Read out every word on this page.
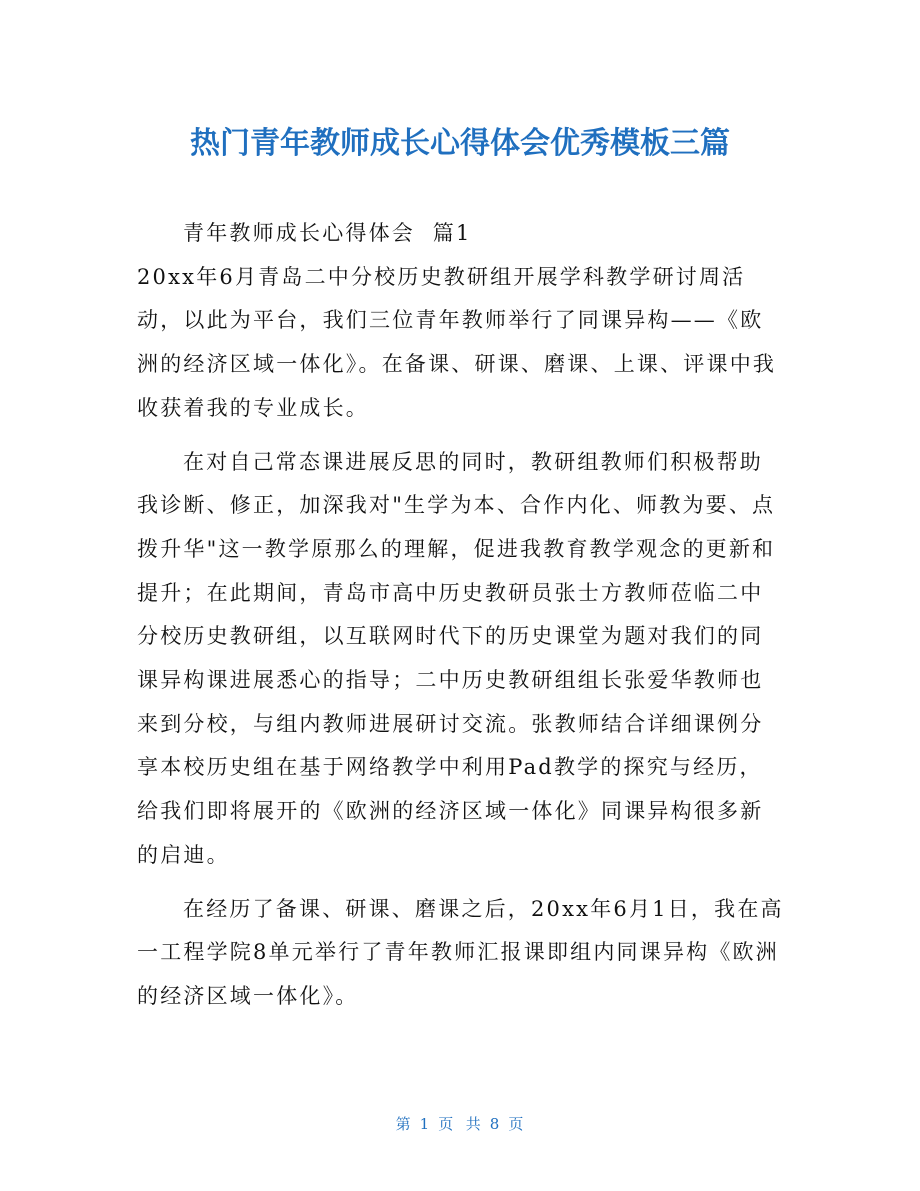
热门青年教师成长心得体会优秀模板三篇

青年教师成长心得体会  篇1

20xx年6月青岛二中分校历史教研组开展学科教学研讨周活动，以此为平台，我们三位青年教师举行了同课异构——《欧洲的经济区域一体化》。在备课、研课、磨课、上课、评课中我收获着我的专业成长。

在对自己常态课进展反思的同时，教研组教师们积极帮助我诊断、修正，加深我对"生学为本、合作内化、师教为要、点拨升华"这一教学原那么的理解，促进我教育教学观念的更新和提升；在此期间，青岛市高中历史教研员张士方教师莅临二中分校历史教研组，以互联网时代下的历史课堂为题对我们的同课异构课进展悉心的指导；二中历史教研组组长张爱华教师也来到分校，与组内教师进展研讨交流。张教师结合详细课例分享本校历史组在基于网络教学中利用Pad教学的探究与经历，给我们即将展开的《欧洲的经济区域一体化》同课异构很多新的启迪。

在经历了备课、研课、磨课之后，20xx年6月1日，我在高一工程学院8单元举行了青年教师汇报课即组内同课异构《欧洲的经济区域一体化》。

第 1 页  共 8 页
